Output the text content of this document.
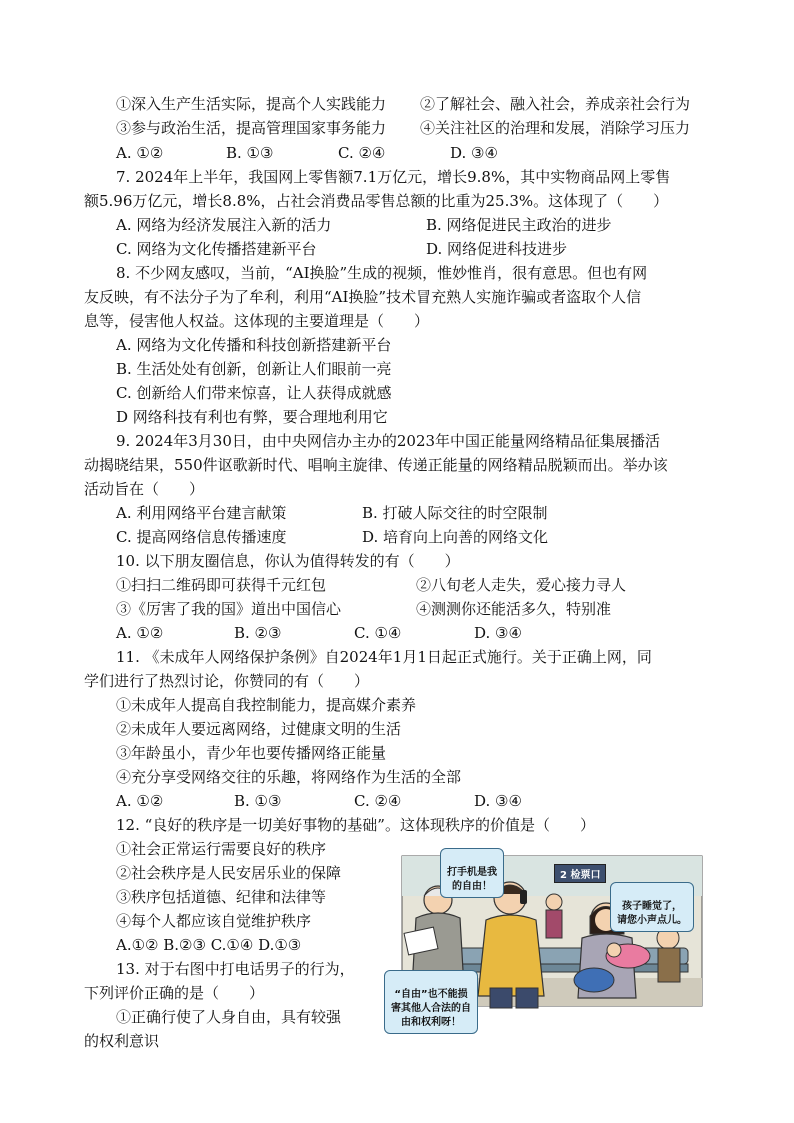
①深入生产生活实际，提高个人实践能力 ②了解社会、融入社会，养成亲社会行为
③参与政治生活，提高管理国家事务能力 ④关注社区的治理和发展，消除学习压力
A. ①②	B. ①③	C. ②④	D. ③④
7. 2024年上半年，我国网上零售额7.1万亿元，增长9.8%，其中实物商品网上零售
额5.96万亿元，增长8.8%，占社会消费品零售总额的比重为25.3%。这体现了（　　）
A. 网络为经济发展注入新的活力	B. 网络促进民主政治的进步
C. 网络为文化传播搭建新平台	D. 网络促进科技进步
8. 不少网友感叹，当前，“AI换脸”生成的视频，惟妙惟肖，很有意思。但也有网
友反映，有不法分子为了牟利，利用“AI换脸”技术冒充熟人实施诈骗或者盗取个人信
息等，侵害他人权益。这体现的主要道理是（　　）
A. 网络为文化传播和科技创新搭建新平台
B. 生活处处有创新，创新让人们眼前一亮
C. 创新给人们带来惊喜，让人获得成就感
D 网络科技有利也有弊，要合理地利用它
9. 2024年3月30日，由中央网信办主办的2023年中国正能量网络精品征集展播活
动揭晓结果，550件讴歌新时代、唱响主旋律、传递正能量的网络精品脱颖而出。举办该
活动旨在（　　）
A. 利用网络平台建言献策	B. 打破人际交往的时空限制
C. 提高网络信息传播速度	D. 培育向上向善的网络文化
10. 以下朋友圈信息，你认为值得转发的有（　　）
①扫扫二维码即可获得千元红包	②八旬老人走失，爱心接力寻人
③《厉害了我的国》道出中国信心	④测测你还能活多久，特别准
A. ①②	B. ②③	C. ①④	D. ③④
11. 《未成年人网络保护条例》自2024年1月1日起正式施行。关于正确上网，同
学们进行了热烈讨论，你赞同的有（　　）
①未成年人提高自我控制能力，提高媒介素养
②未成年人要远离网络，过健康文明的生活
③年龄虽小，青少年也要传播网络正能量
④充分享受网络交往的乐趣，将网络作为生活的全部
A. ①②	B. ①③	C. ②④	D. ③④
12. “良好的秩序是一切美好事物的基础”。这体现秩序的价值是（　　）
①社会正常运行需要良好的秩序
②社会秩序是人民安居乐业的保障
③秩序包括道德、纪律和法律等
④每个人都应该自觉维护秩序
A.①② B.②③ C.①④ D.①③
13. 对于右图中打电话男子的行为，
下列评价正确的是（　　）
①正确行使了人身自由，具有较强
的权利意识
2 检票口

打手机是我
的自由！

孩子睡觉了，
请您小声点儿。

“自由”也不能损
害其他人合法的自
由和权利呀！
